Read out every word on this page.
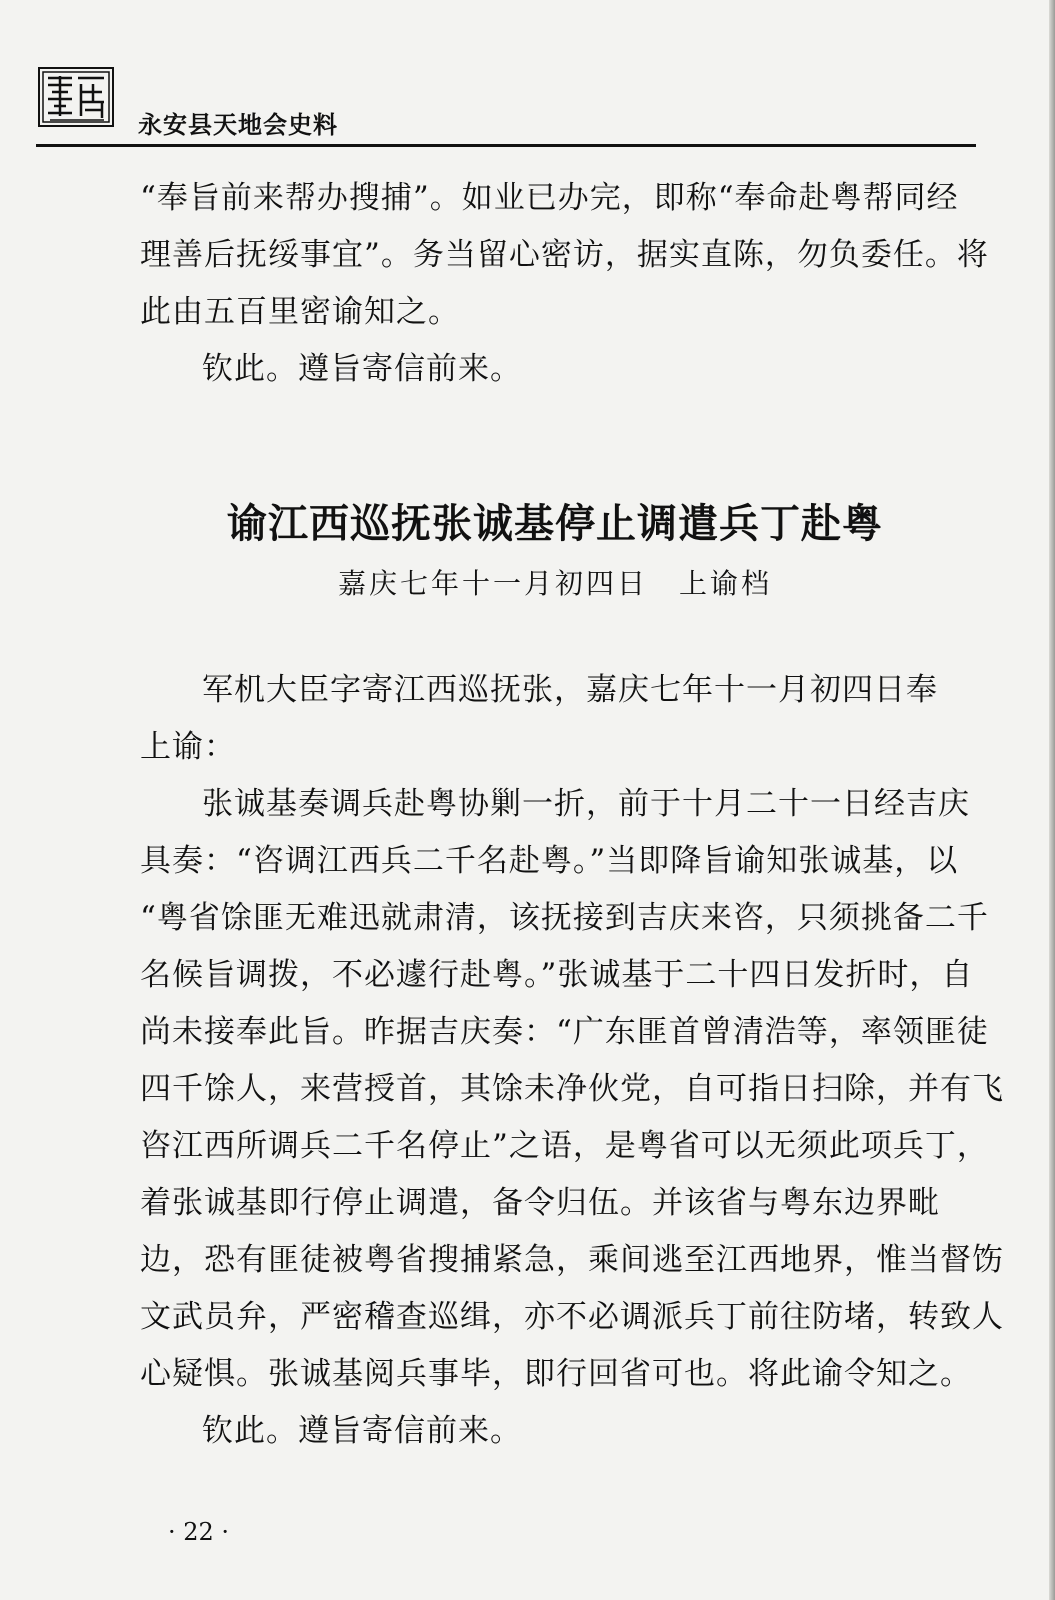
永安县天地会史料
“奉旨前来帮办搜捕”。如业已办完，即称“奉命赴粤帮同经
理善后抚绥事宜”。务当留心密访，据实直陈，勿负委任。将
此由五百里密谕知之。
钦此。遵旨寄信前来。
谕江西巡抚张诚基停止调遣兵丁赴粤
嘉庆七年十一月初四日　上谕档
军机大臣字寄江西巡抚张，嘉庆七年十一月初四日奉
上谕：
张诚基奏调兵赴粤协剿一折，前于十月二十一日经吉庆
具奏：“咨调江西兵二千名赴粤。”当即降旨谕知张诚基，以
“粤省馀匪无难迅就肃清，该抚接到吉庆来咨，只须挑备二千
名候旨调拨，不必遽行赴粤。”张诚基于二十四日发折时，自
尚未接奉此旨。昨据吉庆奏：“广东匪首曾清浩等，率领匪徒
四千馀人，来营授首，其馀未净伙党，自可指日扫除，并有飞
咨江西所调兵二千名停止”之语，是粤省可以无须此项兵丁，
着张诚基即行停止调遣，备令归伍。并该省与粤东边界毗
边，恐有匪徒被粤省搜捕紧急，乘间逃至江西地界，惟当督饬
文武员弁，严密稽查巡缉，亦不必调派兵丁前往防堵，转致人
心疑惧。张诚基阅兵事毕，即行回省可也。将此谕令知之。
钦此。遵旨寄信前来。
· 22 ·
